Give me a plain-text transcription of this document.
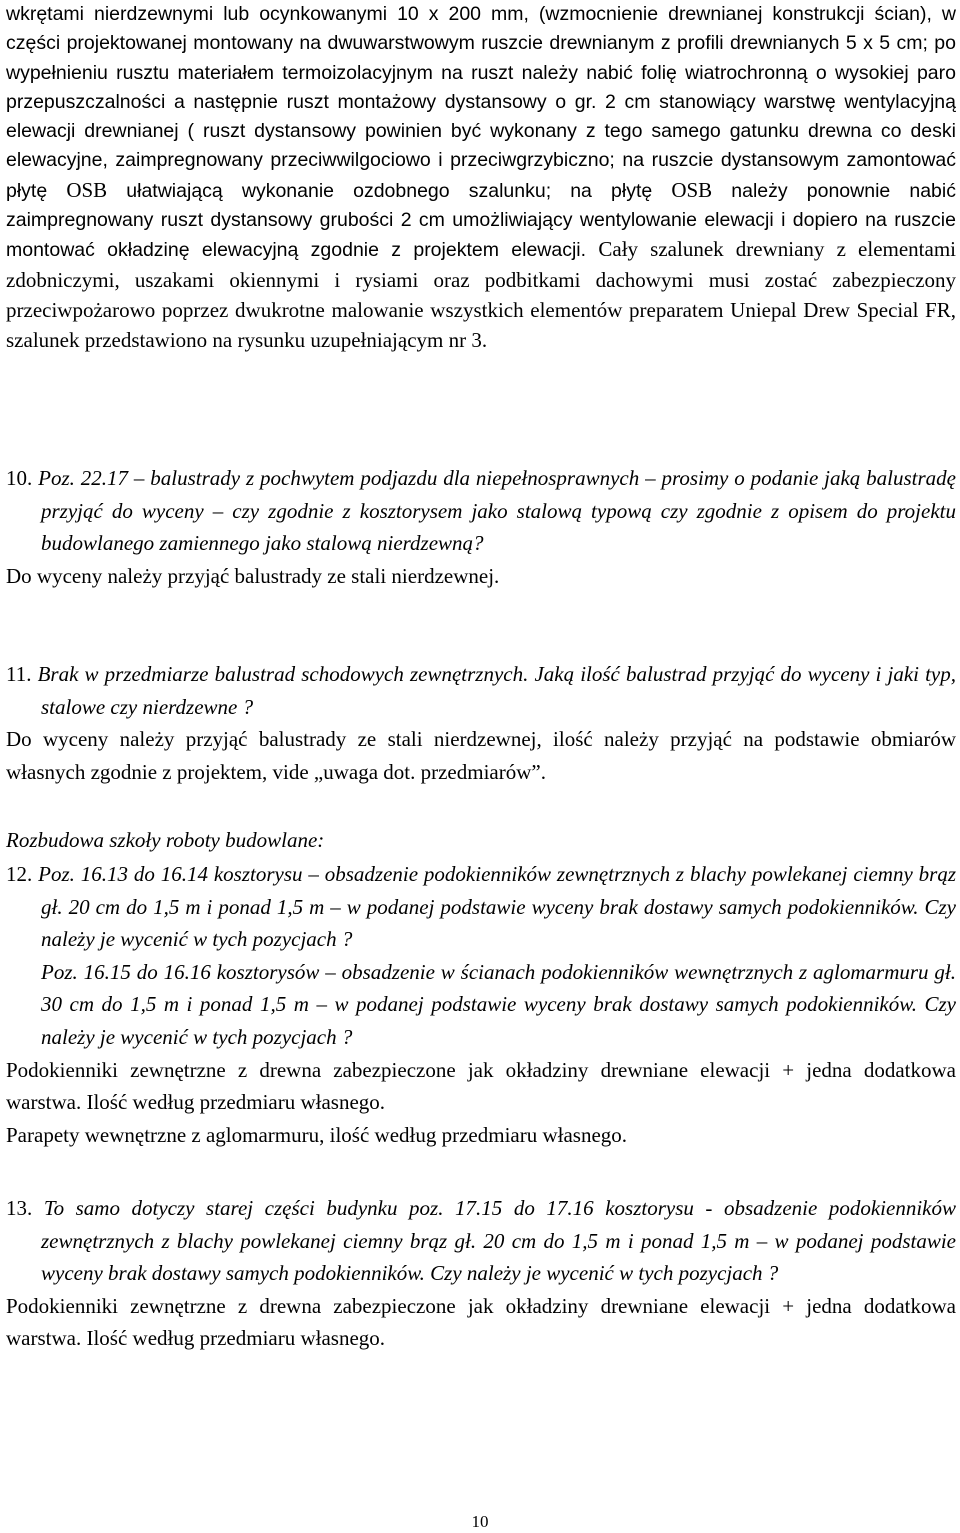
wkrętami nierdzewnymi lub ocynkowanymi 10 x 200 mm, (wzmocnienie drewnianej konstrukcji ścian), w części projektowanej montowany na dwuwarstwowym ruszcie drewnianym z profili drewnianych 5 x 5 cm; po wypełnieniu rusztu materiałem termoizolacyjnym na ruszt należy nabić folię wiatrochronną o wysokiej paro przepuszczalności a następnie ruszt montażowy dystansowy o gr. 2 cm stanowiący warstwę wentylacyjną elewacji drewnianej ( ruszt dystansowy powinien być wykonany z tego samego gatunku drewna co deski elewacyjne, zaimpregnowany przeciwwilgociowo i przeciwgrzybiczno; na ruszcie dystansowym zamontować płytę OSB ułatwiającą wykonanie ozdobnego szalunku; na płytę OSB należy ponownie nabić zaimpregnowany ruszt dystansowy grubości 2 cm umożliwiający wentylowanie elewacji i dopiero na ruszcie montować okładzinę elewacyjną zgodnie z projektem elewacji. Cały szalunek drewniany z elementami zdobniczymi, uszakami okiennymi i rysiami oraz podbitkami dachowymi musi zostać zabezpieczony przeciwpożarowo poprzez dwukrotne malowanie wszystkich elementów preparatem Uniepal Drew Special FR, szalunek przedstawiono na rysunku uzupełniającym nr 3.

10. Poz. 22.17 – balustrady z pochwytem podjazdu dla niepełnosprawnych – prosimy o podanie jaką balustradę przyjąć do wyceny – czy zgodnie z kosztorysem jako stalową typową czy zgodnie z opisem do projektu budowlanego zamiennego jako stalową nierdzewną?

Do wyceny należy przyjąć balustrady ze stali nierdzewnej.

11. Brak w przedmiarze balustrad schodowych zewnętrznych. Jaką ilość balustrad przyjąć do wyceny i jaki typ, stalowe czy nierdzewne ?

Do wyceny należy przyjąć balustrady ze stali nierdzewnej, ilość należy przyjąć na podstawie obmiarów własnych zgodnie z projektem, vide „uwaga dot. przedmiarów”.

Rozbudowa szkoły roboty budowlane:

12. Poz. 16.13 do 16.14 kosztorysu – obsadzenie podokienników zewnętrznych z blachy powlekanej ciemny brąz gł. 20 cm do 1,5 m i ponad 1,5 m – w podanej podstawie wyceny brak dostawy samych podokienników. Czy należy je wycenić w tych pozycjach ?

Poz. 16.15 do 16.16 kosztorysów – obsadzenie w ścianach podokienników wewnętrznych z aglomarmuru gł. 30 cm do 1,5 m i ponad 1,5 m – w podanej podstawie wyceny brak dostawy samych podokienników. Czy należy je wycenić w tych pozycjach ?

Podokienniki zewnętrzne z drewna zabezpieczone jak okładziny drewniane elewacji + jedna dodatkowa warstwa. Ilość według przedmiaru własnego.

Parapety wewnętrzne z aglomarmuru, ilość według przedmiaru własnego.

13. To samo dotyczy starej części budynku poz. 17.15 do 17.16 kosztorysu - obsadzenie podokienników zewnętrznych z blachy powlekanej ciemny brąz gł. 20 cm do 1,5 m i ponad 1,5 m – w podanej podstawie wyceny brak dostawy samych podokienników. Czy należy je wycenić w tych pozycjach ?

Podokienniki zewnętrzne z drewna zabezpieczone jak okładziny drewniane elewacji + jedna dodatkowa warstwa. Ilość według przedmiaru własnego.

10
